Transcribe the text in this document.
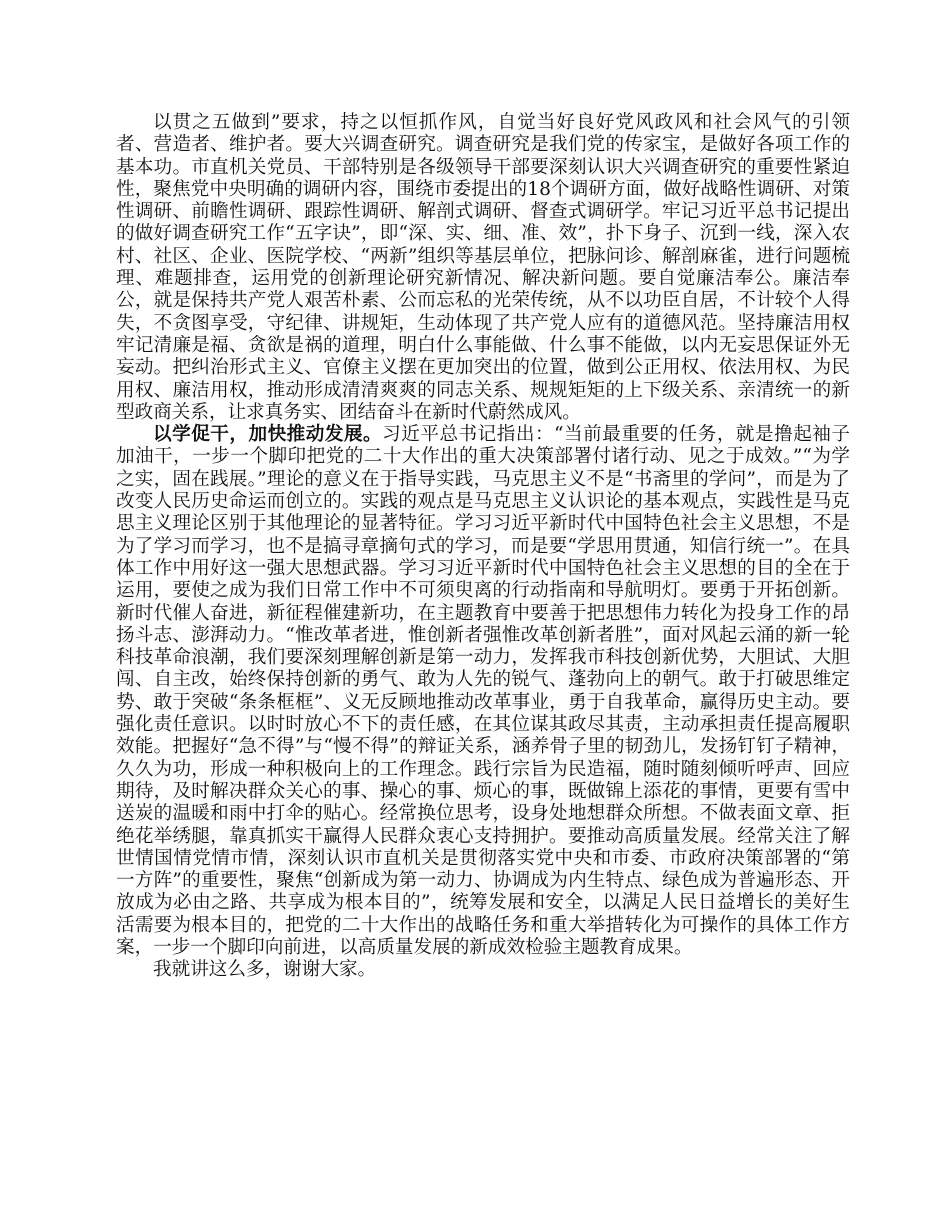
以贯之五做到”要求，持之以恒抓作风，自觉当好良好党风政风和社会风气的引领者、营造者、维护者。要大兴调查研究。调查研究是我们党的传家宝，是做好各项工作的基本功。市直机关党员、干部特别是各级领导干部要深刻认识大兴调查研究的重要性紧迫性，聚焦党中央明确的调研内容，围绕市委提出的18个调研方面，做好战略性调研、对策性调研、前瞻性调研、跟踪性调研、解剖式调研、督查式调研学。牢记习近平总书记提出的做好调查研究工作“五字诀”，即“深、实、细、准、效”，扑下身子、沉到一线，深入农村、社区、企业、医院学校、“两新”组织等基层单位，把脉问诊、解剖麻雀，进行问题梳理、难题排查，运用党的创新理论研究新情况、解决新问题。要自觉廉洁奉公。廉洁奉公，就是保持共产党人艰苦朴素、公而忘私的光荣传统，从不以功臣自居，不计较个人得失，不贪图享受，守纪律、讲规矩，生动体现了共产党人应有的道德风范。坚持廉洁用权牢记清廉是福、贪欲是祸的道理，明白什么事能做、什么事不能做，以内无妄思保证外无妄动。把纠治形式主义、官僚主义摆在更加突出的位置，做到公正用权、依法用权、为民用权、廉洁用权，推动形成清清爽爽的同志关系、规规矩矩的上下级关系、亲清统一的新型政商关系，让求真务实、团结奋斗在新时代蔚然成风。

以学促干，加快推动发展。习近平总书记指出：“当前最重要的任务，就是撸起袖子加油干，一步一个脚印把党的二十大作出的重大决策部署付诸行动、见之于成效。”“为学之实，固在践展。”理论的意义在于指导实践，马克思主义不是“书斋里的学问”，而是为了改变人民历史命运而创立的。实践的观点是马克思主义认识论的基本观点，实践性是马克思主义理论区别于其他理论的显著特征。学习习近平新时代中国特色社会主义思想，不是为了学习而学习，也不是搞寻章摘句式的学习，而是要“学思用贯通，知信行统一”。在具体工作中用好这一强大思想武器。学习习近平新时代中国特色社会主义思想的目的全在于运用，要使之成为我们日常工作中不可须臾离的行动指南和导航明灯。要勇于开拓创新。新时代催人奋进，新征程催建新功，在主题教育中要善于把思想伟力转化为投身工作的昂扬斗志、澎湃动力。“惟改革者进，惟创新者强惟改革创新者胜”，面对风起云涌的新一轮科技革命浪潮，我们要深刻理解创新是第一动力，发挥我市科技创新优势，大胆试、大胆闯、自主改，始终保持创新的勇气、敢为人先的锐气、蓬勃向上的朝气。敢于打破思维定势、敢于突破“条条框框”、义无反顾地推动改革事业，勇于自我革命，赢得历史主动。要强化责任意识。以时时放心不下的责任感，在其位谋其政尽其责，主动承担责任提高履职效能。把握好“急不得”与“慢不得”的辩证关系，涵养骨子里的韧劲儿，发扬钉钉子精神，久久为功，形成一种积极向上的工作理念。践行宗旨为民造福，随时随刻倾听呼声、回应期待，及时解决群众关心的事、操心的事、烦心的事，既做锦上添花的事情，更要有雪中送炭的温暖和雨中打伞的贴心。经常换位思考，设身处地想群众所想。不做表面文章、拒绝花举绣腿，靠真抓实干赢得人民群众衷心支持拥护。要推动高质量发展。经常关注了解世情国情党情市情，深刻认识市直机关是贯彻落实党中央和市委、市政府决策部署的“第一方阵”的重要性，聚焦“创新成为第一动力、协调成为内生特点、绿色成为普遍形态、开放成为必由之路、共享成为根本目的”，统筹发展和安全，以满足人民日益增长的美好生活需要为根本目的，把党的二十大作出的战略任务和重大举措转化为可操作的具体工作方案，一步一个脚印向前进，以高质量发展的新成效检验主题教育成果。

我就讲这么多，谢谢大家。
